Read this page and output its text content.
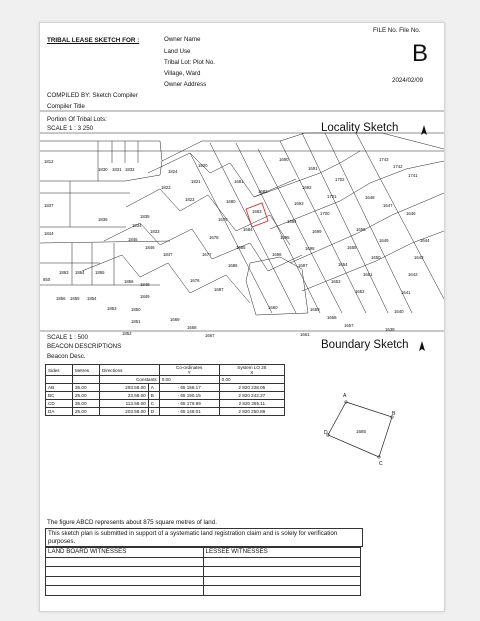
TRIBAL LEASE SKETCH FOR :	Owner Name
Land Use
Tribal Lot: Plot No.
Village, Ward
Owner Address
FILE No. File No.
B
2024/02/09
COMPILED BY: Sketch Compiler
Compiler Title
Portion Of Tribal Lots:
SCALE 1 : 3 250	Locality Sketch
1812
1830 1831 1832	1824
1820
1823
1821
1822
1681
1682
1680
1690
1691
1702
1692
1701
1693
1700
1694
1699
1695
1698
1696
1697
1743
1742
1741
1648
1647
1646
1656
1649	1644
1655
1650	1643
1654
1651	1642
1653
1652	1641
1659
1658
1640
1657
1639
1661
1837
1836
1835
1834
1833
1844
1845
1846
1847
1679
1683
1684
1678
1685
1677
1686
1676
1687
1660
1863 1864 1865
1866
1848
850
1856 1855 1854	1849
1853	1850
1851
1852
1669
1668
1667
SCALE 1 : 500
BEACON DESCRIPTIONS
Beacon Desc.
Boundary Sketch
A
B
C
D	1685
Sides	Metres	Directions		Co-ordinates
Y	System LO 25
X
		Constants		0.00	0.00
AB	35.00	293.58.00	A	- 65 158.17	2 820 228.05
BC	25.00	23.58.00	B	- 65 190.15	2 820 242.27
CD	35.00	113.58.00	C	- 65 179.99	2 820 265.11
DA	25.00	203.58.00	D	- 65 148.01	2 820 250.89
The figure ABCD represents about 875 square metres of land.
This sketch plan is submitted in support of a systematic land registration claim and is solely for verification purposes.
LAND BOARD WITNESSES	LESSEE WITNESSES
